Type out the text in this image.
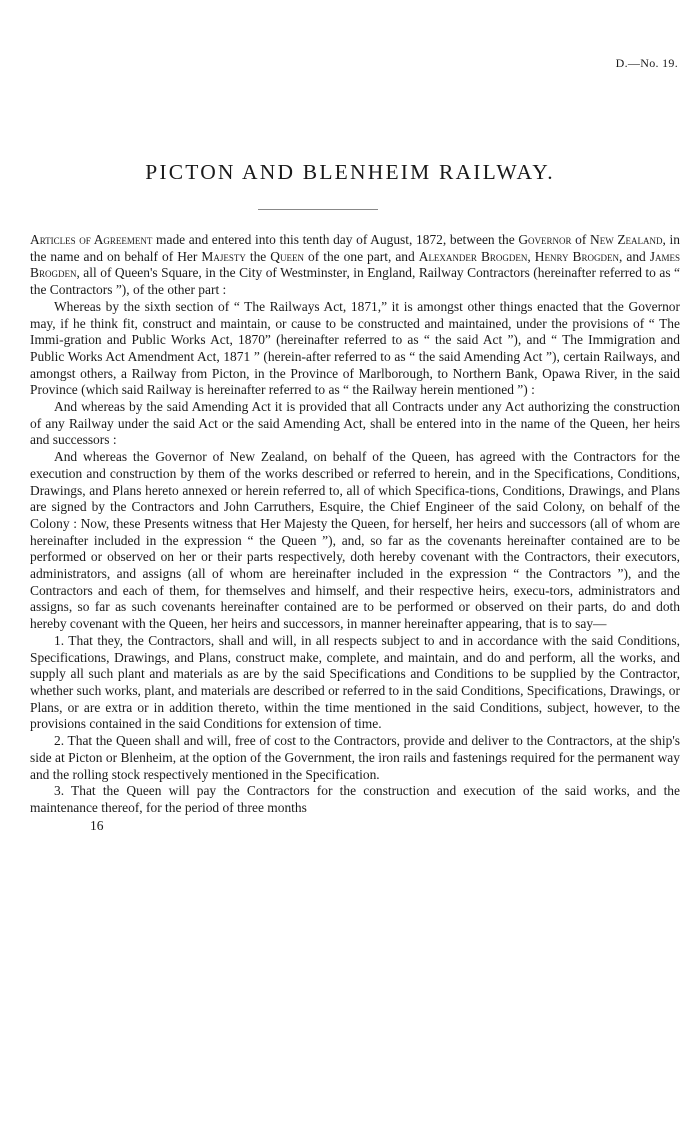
D.—No. 19.
PICTON AND BLENHEIM RAILWAY.

Articles of Agreement made and entered into this tenth day of August, 1872, between the Governor of New Zealand, in the name and on behalf of Her Majesty the Queen of the one part, and Alexander Brogden, Henry Brogden, and James Brogden, all of Queen's Square, in the City of Westminster, in England, Railway Contractors (hereinafter referred to as “ the Contractors ”), of the other part :

Whereas by the sixth section of “ The Railways Act, 1871,” it is amongst other things enacted that the Governor may, if he think fit, construct and maintain, or cause to be constructed and maintained, under the provisions of “ The Immi-gration and Public Works Act, 1870” (hereinafter referred to as “ the said Act ”), and “ The Immigration and Public Works Act Amendment Act, 1871 ” (herein-after referred to as “ the said Amending Act ”), certain Railways, and amongst others, a Railway from Picton, in the Province of Marlborough, to Northern Bank, Opawa River, in the said Province (which said Railway is hereinafter referred to as “ the Railway herein mentioned ”) :

And whereas by the said Amending Act it is provided that all Contracts under any Act authorizing the construction of any Railway under the said Act or the said Amending Act, shall be entered into in the name of the Queen, her heirs and successors :

And whereas the Governor of New Zealand, on behalf of the Queen, has agreed with the Contractors for the execution and construction by them of the works described or referred to herein, and in the Specifications, Conditions, Drawings, and Plans hereto annexed or herein referred to, all of which Specifica-tions, Conditions, Drawings, and Plans are signed by the Contractors and John Carruthers, Esquire, the Chief Engineer of the said Colony, on behalf of the Colony : Now, these Presents witness that Her Majesty the Queen, for herself, her heirs and successors (all of whom are hereinafter included in the expression “ the Queen ”), and, so far as the covenants hereinafter contained are to be performed or observed on her or their parts respectively, doth hereby covenant with the Contractors, their executors, administrators, and assigns (all of whom are hereinafter included in the expression “ the Contractors ”), and the Contractors and each of them, for themselves and himself, and their respective heirs, execu-tors, administrators and assigns, so far as such covenants hereinafter contained are to be performed or observed on their parts, do and doth hereby covenant with the Queen, her heirs and successors, in manner hereinafter appearing, that is to say—

1. That they, the Contractors, shall and will, in all respects subject to and in accordance with the said Conditions, Specifications, Drawings, and Plans, construct make, complete, and maintain, and do and perform, all the works, and supply all such plant and materials as are by the said Specifications and Conditions to be supplied by the Contractor, whether such works, plant, and materials are described or referred to in the said Conditions, Specifications, Drawings, or Plans, or are extra or in addition thereto, within the time mentioned in the said Conditions, subject, however, to the provisions contained in the said Conditions for extension of time.

2. That the Queen shall and will, free of cost to the Contractors, provide and deliver to the Contractors, at the ship's side at Picton or Blenheim, at the option of the Government, the iron rails and fastenings required for the permanent way and the rolling stock respectively mentioned in the Specification.

3. That the Queen will pay the Contractors for the construction and execution of the said works, and the maintenance thereof, for the period of three months

16
